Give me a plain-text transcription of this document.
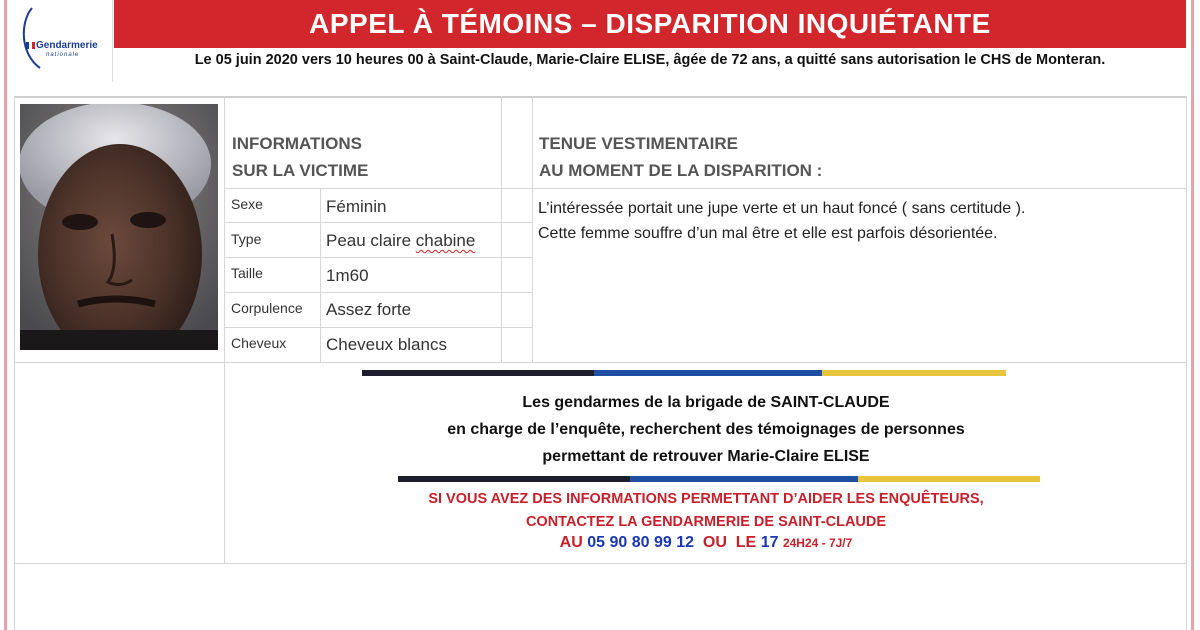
Gendarmerie
nationale
APPEL À TÉMOINS – DISPARITION INQUIÉTANTE
Le 05 juin 2020 vers 10 heures 00 à Saint-Claude, Marie-Claire ELISE, âgée de 72 ans, a quitté sans autorisation le CHS de Monteran.
INFORMATIONS
SUR LA VICTIME
Sexe	Féminin
Type	Peau claire chabine
Taille	1m60
Corpulence Assez forte
Cheveux Cheveux blancs
TENUE VESTIMENTAIRE
AU MOMENT DE LA DISPARITION :
L’intéressée portait une jupe verte et un haut foncé ( sans certitude ).
Cette femme souffre d’un mal être et elle est parfois désorientée.
Les gendarmes de la brigade de SAINT-CLAUDE
en charge de l’enquête, recherchent des témoignages de personnes
permettant de retrouver Marie-Claire ELISE
SI VOUS AVEZ DES INFORMATIONS PERMETTANT D’AIDER LES ENQUÊTEURS,
CONTACTEZ LA GENDARMERIE DE SAINT-CLAUDE
AU 05 90 80 99 12 OU LE 17 24H24 - 7J/7
